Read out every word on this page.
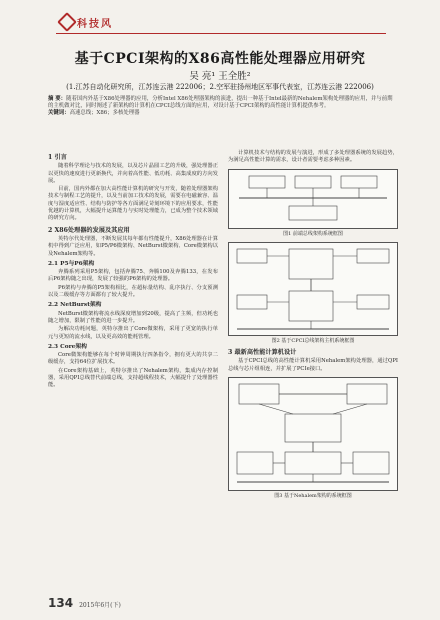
科技风
基于CPCI架构的X86高性能处理器应用研究
吴 亮¹ 王全胜²
(1.江苏自动化研究所，江苏连云港 222006；2.空军驻扬州地区军事代表室，江苏连云港 222006)
摘 要：随着国内外基于X86处理器的应用，分析Intel X86处理器架构的演进，提出一种基于Intel最新的Nehalem架构处理器的应用，并与前期的主机做对比，同时阐述了新架构的计算机在CPCI总线方面的应用，对设计基于CPCI架构的高性能计算机提供参考。
关键词：高速总线；X86；多核处理器
1 引言

随着科学理论与技术的发展，以及芯片晶圆工艺的升级，强处理器正以更快的速度进行更新换代，并向着高性能、低功耗、高集成度的方向发展。

目前，国内外都在加大高性能计算机的研究与开发，随着处理器架构技术与制程工艺的提升，以及当前加工技术的发展，需要在电磁兼容、温度与湿度适应性、结构与防护等各方面满足苛刻环境下的应用要求，性能优越的计算机，大幅提升运算能力与实时处理能力，已成为整个技术领域的研究方向。

2 X86处理器的发展及其应用

英特尔代处理器，不断发展其每年都有性能提升，X86处理器在计算机中得到广泛应用，如P5/P6微架构、NetBurst微架构、Core微架构以及Nehalem架构等。

2.1 P5与P6架构

奔腾系列采用P5架构，包括奔腾75、奔腾100及奔腾133，在发布后P6架构随之出现，发展了较强的P6架构的处理器。

P6架构与奔腾的P5架构相比，在超标量结构、乱序执行、分支预测以及二级缓存等方面都有了较大提升。

2.2 NetBurst架构

NetBurst微架构将流水线深度增加到20级，提高了主频，但功耗也随之增加，限制了性能的进一步提升。

为解决功耗问题，英特尔推出了Core微架构，采用了更宽的执行单元与更短的流水线，以及更高效的能耗管理。

2.3 Core架构

Core微架构能够在每个时钟周期执行四条指令，拥有更大的共享二级缓存，支持64位扩展技术。

在Core架构基础上，英特尔推出了Nehalem架构，集成内存控制器，采用QPI总线替代前端总线，支持超线程技术，大幅提升了处理器性能。

计算机技术与结构的发展与演进，形成了多处理器系统的发展趋势，为满足高性能计算的需求，设计者需要考虑多种因素。

图1 前端总线架构系统框图
图2 基于CPCI总线架构主机系统框图
3 最新高性能计算机设计

基于CPCI总线的高性能计算机采用Nehalem架构处理器，通过QPI总线与芯片组相连，并扩展了PCIe接口。

图3 基于Nehalem架构的系统框图
134 2015年6月(下)
